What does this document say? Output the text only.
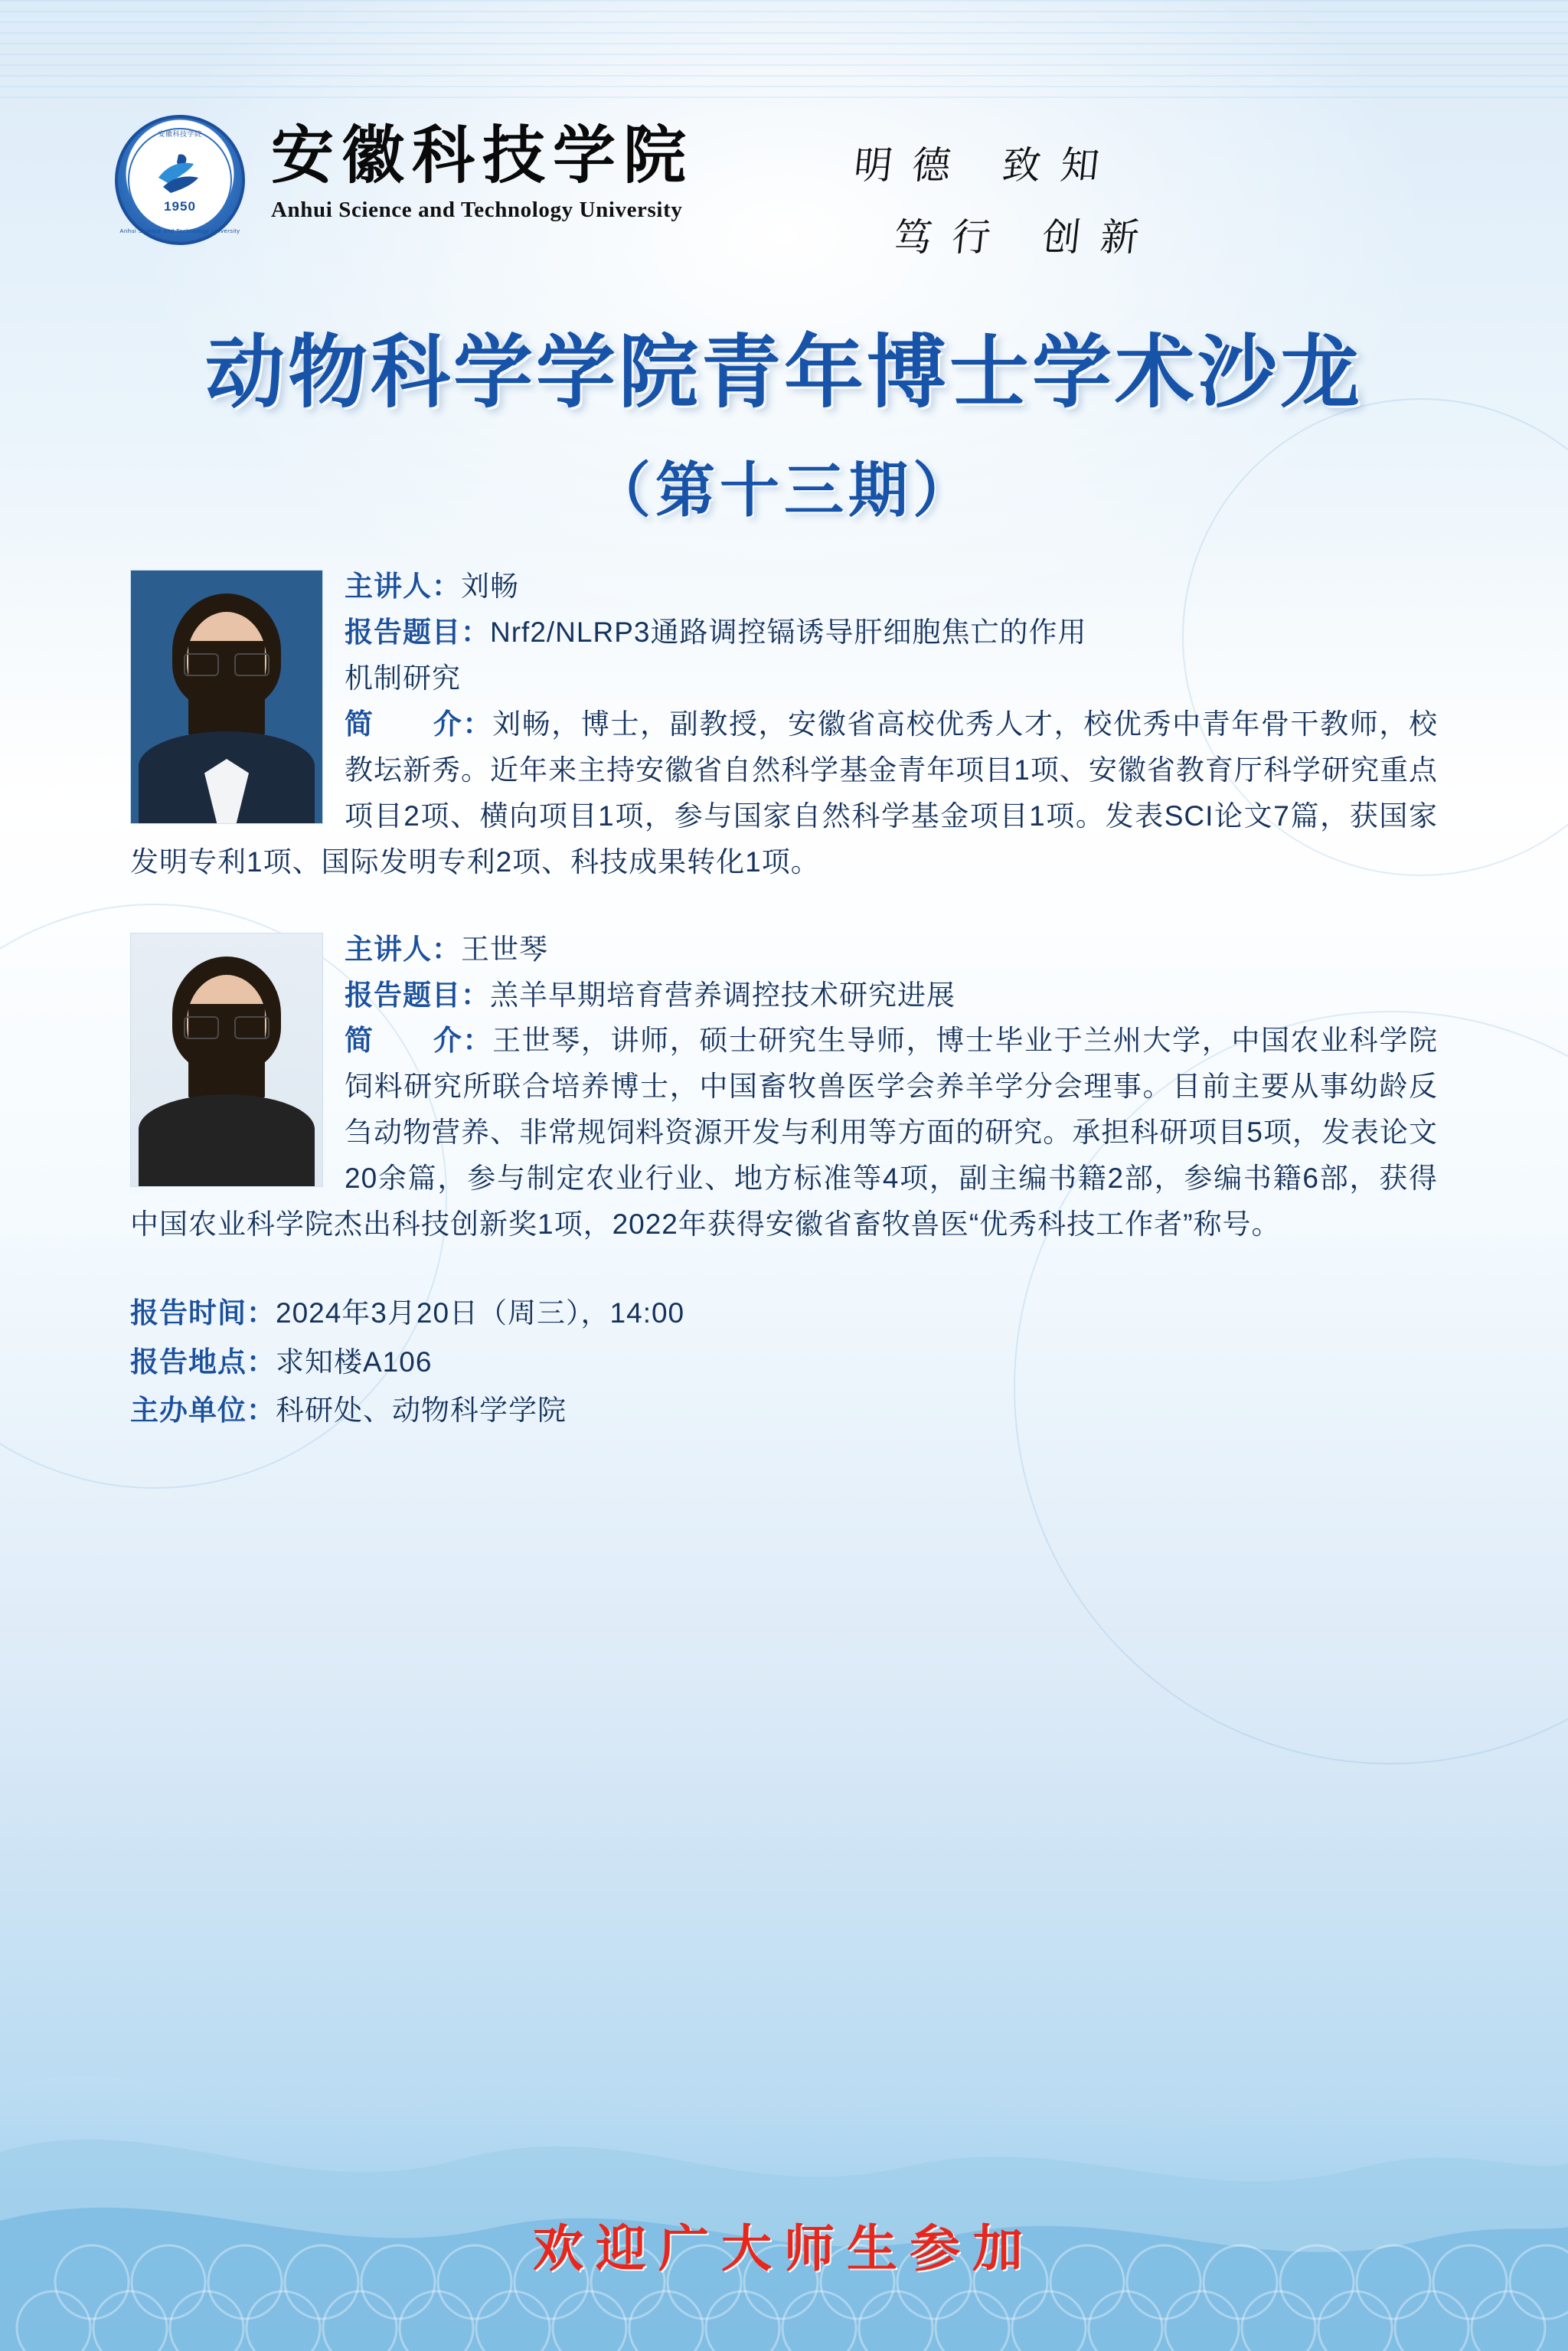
安徽科技学院
1950
Anhui Science and Technology University
安徽科技学院
Anhui Science and Technology University
明德 致知
笃行 创新
动物科学学院青年博士学术沙龙
（第十三期）
主讲人：刘畅
报告题目：Nrf2/NLRP3通路调控镉诱导肝细胞焦亡的作用
机制研究
简　　介：刘畅，博士，副教授，安徽省高校优秀人才，校优秀中青年骨干教师，校教坛新秀。近年来主持安徽省自然科学基金青年项目1项、安徽省教育厅科学研究重点项目2项、横向项目1项，参与国家自然科学基金项目1项。发表SCI论文7篇，获国家发明专利1项、国际发明专利2项、科技成果转化1项。
主讲人：王世琴
报告题目：羔羊早期培育营养调控技术研究进展
简　　介：王世琴，讲师，硕士研究生导师，博士毕业于兰州大学，中国农业科学院饲料研究所联合培养博士，中国畜牧兽医学会养羊学分会理事。目前主要从事幼龄反刍动物营养、非常规饲料资源开发与利用等方面的研究。承担科研项目5项，发表论文20余篇，参与制定农业行业、地方标准等4项，副主编书籍2部，参编书籍6部，获得中国农业科学院杰出科技创新奖1项，2022年获得安徽省畜牧兽医“优秀科技工作者”称号。
报告时间：2024年3月20日（周三），14:00
报告地点：求知楼A106
主办单位：科研处、动物科学学院
欢迎广大师生参加
